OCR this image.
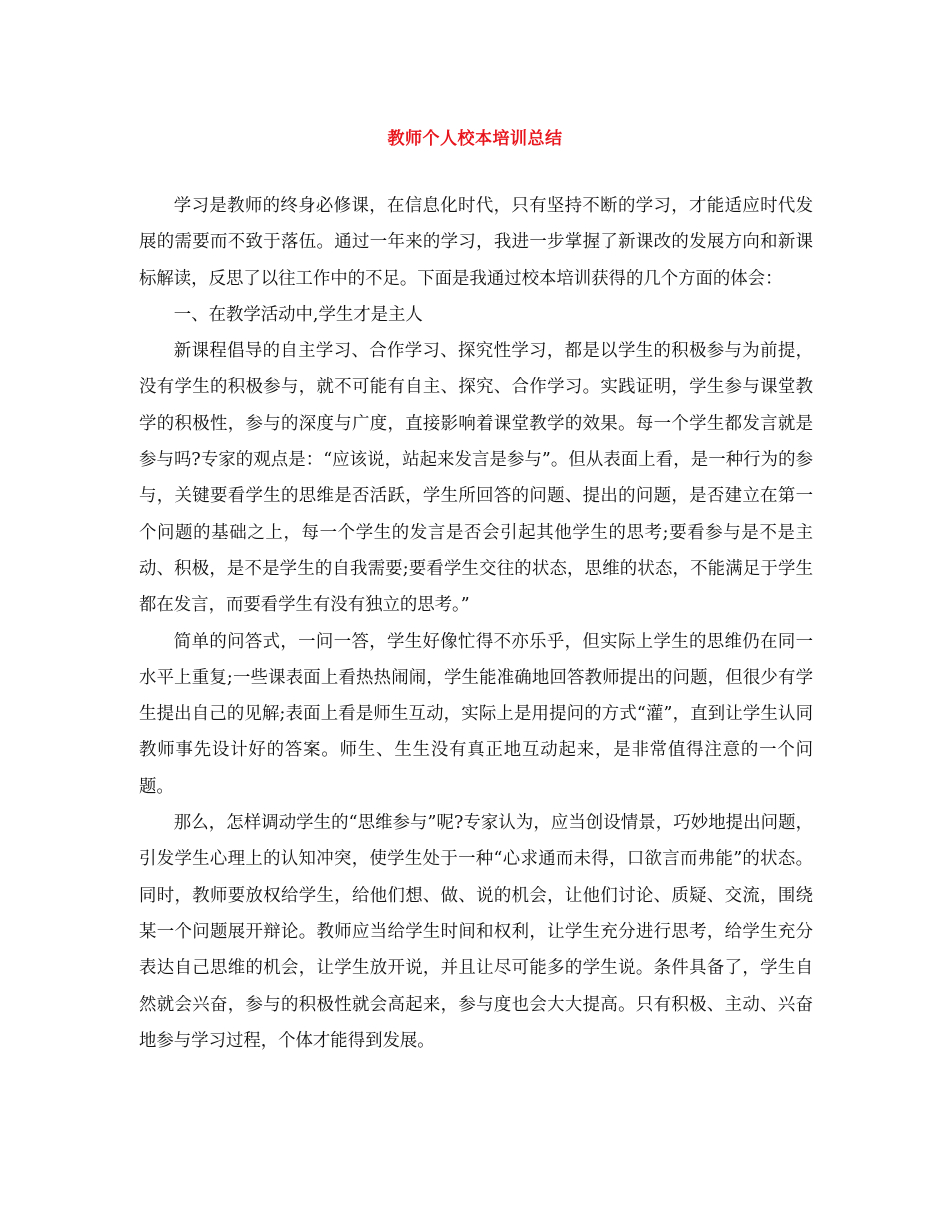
教师个人校本培训总结

学习是教师的终身必修课，在信息化时代，只有坚持不断的学习，才能适应时代发展的需要而不致于落伍。通过一年来的学习，我进一步掌握了新课改的发展方向和新课标解读，反思了以往工作中的不足。下面是我通过校本培训获得的几个方面的体会：

一、在教学活动中,学生才是主人

新课程倡导的自主学习、合作学习、探究性学习，都是以学生的积极参与为前提，没有学生的积极参与，就不可能有自主、探究、合作学习。实践证明，学生参与课堂教学的积极性，参与的深度与广度，直接影响着课堂教学的效果。每一个学生都发言就是参与吗?专家的观点是：“应该说，站起来发言是参与”。但从表面上看，是一种行为的参与，关键要看学生的思维是否活跃，学生所回答的问题、提出的问题，是否建立在第一个问题的基础之上，每一个学生的发言是否会引起其他学生的思考;要看参与是不是主动、积极，是不是学生的自我需要;要看学生交往的状态，思维的状态，不能满足于学生都在发言，而要看学生有没有独立的思考。”

简单的问答式，一问一答，学生好像忙得不亦乐乎，但实际上学生的思维仍在同一水平上重复;一些课表面上看热热闹闹，学生能准确地回答教师提出的问题，但很少有学生提出自己的见解;表面上看是师生互动，实际上是用提问的方式“灌”，直到让学生认同教师事先设计好的答案。师生、生生没有真正地互动起来，是非常值得注意的一个问题。

那么，怎样调动学生的“思维参与”呢?专家认为，应当创设情景，巧妙地提出问题，引发学生心理上的认知冲突，使学生处于一种“心求通而未得，口欲言而弗能”的状态。同时，教师要放权给学生，给他们想、做、说的机会，让他们讨论、质疑、交流，围绕某一个问题展开辩论。教师应当给学生时间和权利，让学生充分进行思考，给学生充分表达自己思维的机会，让学生放开说，并且让尽可能多的学生说。条件具备了，学生自然就会兴奋，参与的积极性就会高起来，参与度也会大大提高。只有积极、主动、兴奋地参与学习过程，个体才能得到发展。
